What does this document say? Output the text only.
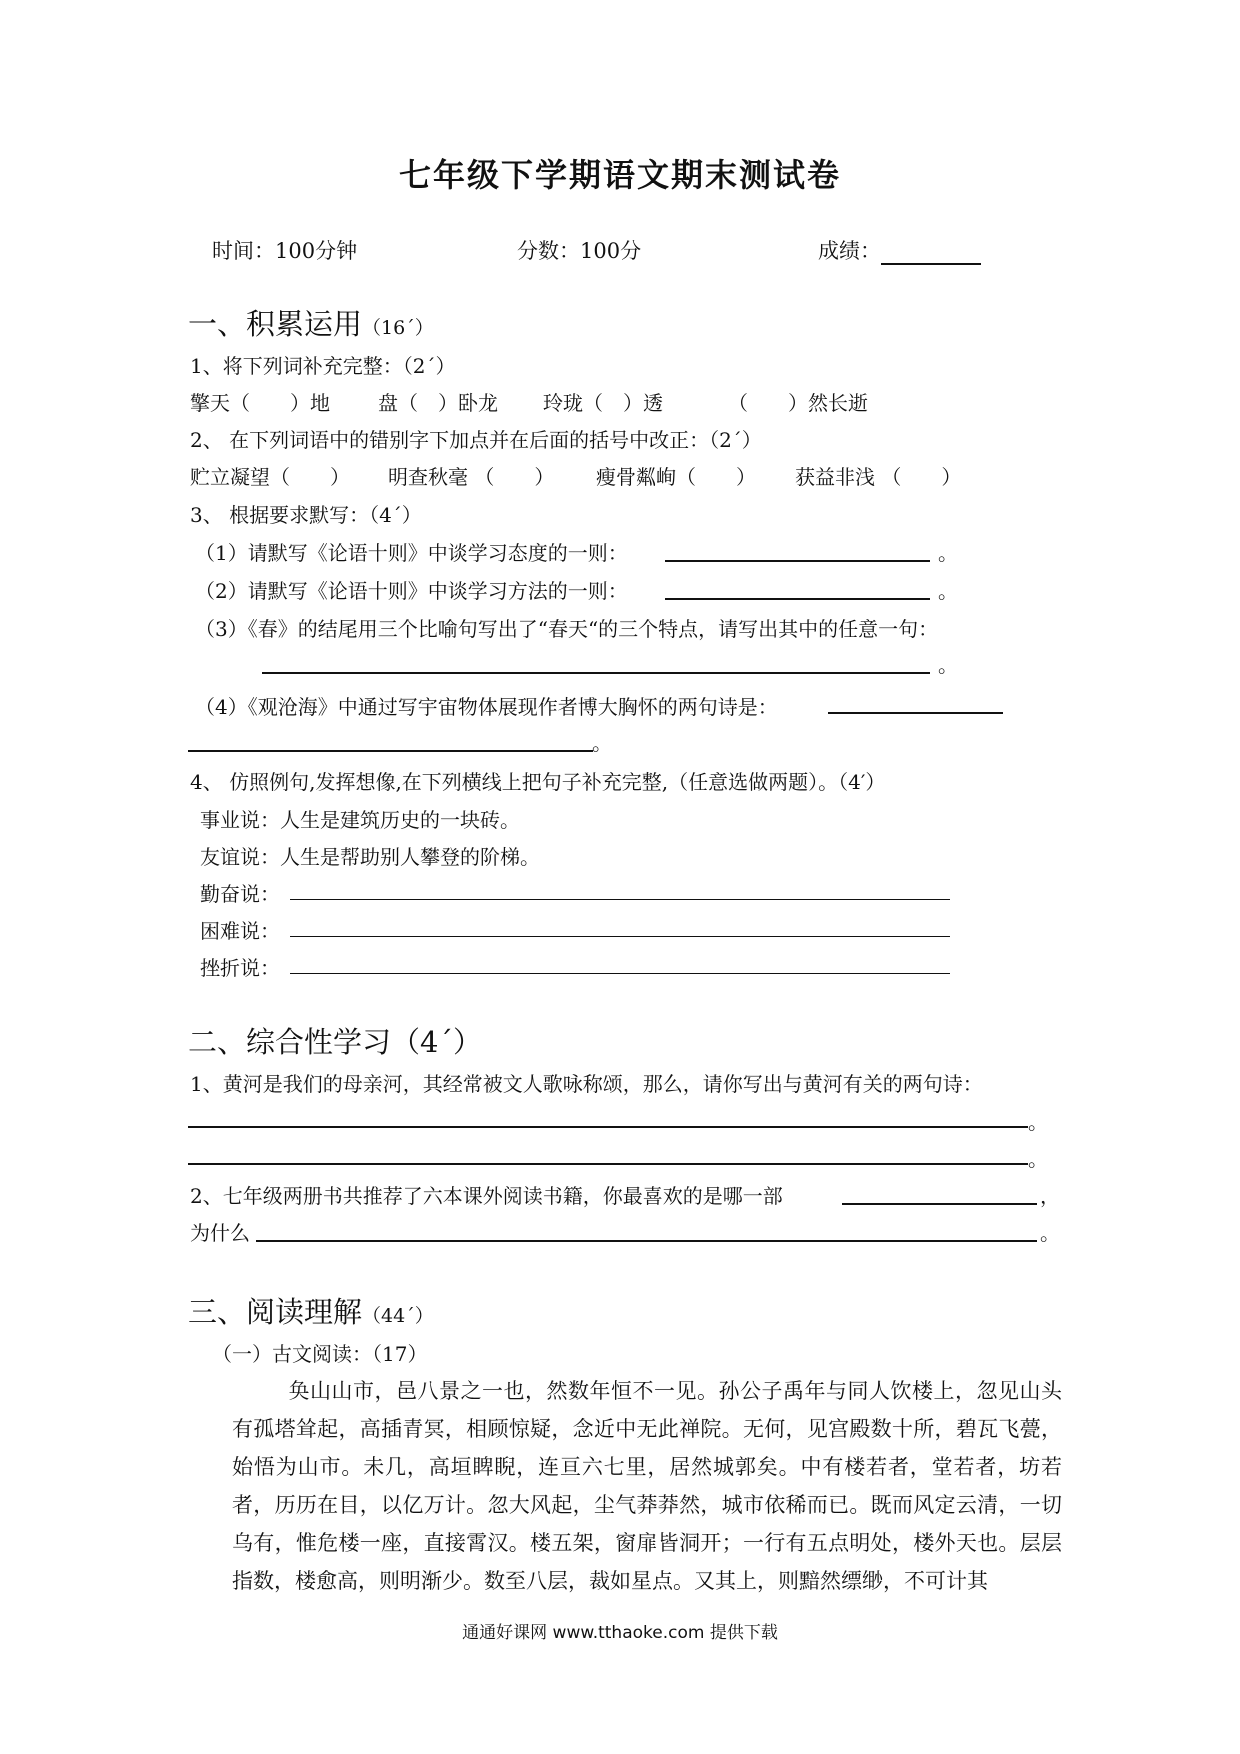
七年级下学期语文期末测试卷
时间：100分钟	分数：100分	成绩：
一、积累运用（16´）
1、将下列词补充完整：（2´）
擎天（　　）地 盘（　）卧龙 玲珑（　）透	（　　）然长逝
2、 在下列词语中的错别字下加点并在后面的括号中改正：（2´）
贮立凝望（　　） 明查秋毫 （　　） 瘦骨粼峋（　　） 获益非浅 （　　）
3、 根据要求默写：（4´）
（1）请默写《论语十则》中谈学习态度的一则：	。
（2）请默写《论语十则》中谈学习方法的一则：	。
（3）《春》的结尾用三个比喻句写出了“春天“的三个特点，请写出其中的任意一句：
。
（4）《观沧海》中通过写宇宙物体展现作者博大胸怀的两句诗是：
。
4、 仿照例句,发挥想像,在下列横线上把句子补充完整,（任意选做两题）。（4′）
事业说：人生是建筑历史的一块砖。
友谊说：人生是帮助别人攀登的阶梯。
勤奋说：
困难说：
挫折说：
二、综合性学习（4´）
1、黄河是我们的母亲河，其经常被文人歌咏称颂，那么，请你写出与黄河有关的两句诗：
。
。
2、七年级两册书共推荐了六本课外阅读书籍，你最喜欢的是哪一部	，
为什么	。
三、阅读理解（44´）
（一）古文阅读：（17）
奂山山市，邑八景之一也，然数年恒不一见。孙公子禹年与同人饮楼上，忽见山头有孤塔耸起，高插青冥，相顾惊疑，念近中无此禅院。无何，见宫殿数十所，碧瓦飞甍，始悟为山市。未几，高垣睥睨，连亘六七里，居然城郭矣。中有楼若者，堂若者，坊若者，历历在目，以亿万计。忽大风起，尘气莽莽然，城市依稀而已。既而风定云清，一切乌有，惟危楼一座，直接霄汉。楼五架，窗扉皆洞开；一行有五点明处，楼外天也。层层指数，楼愈高，则明渐少。数至八层，裁如星点。又其上，则黯然缥缈，不可计其
通通好课网 www.tthaoke.com 提供下载
